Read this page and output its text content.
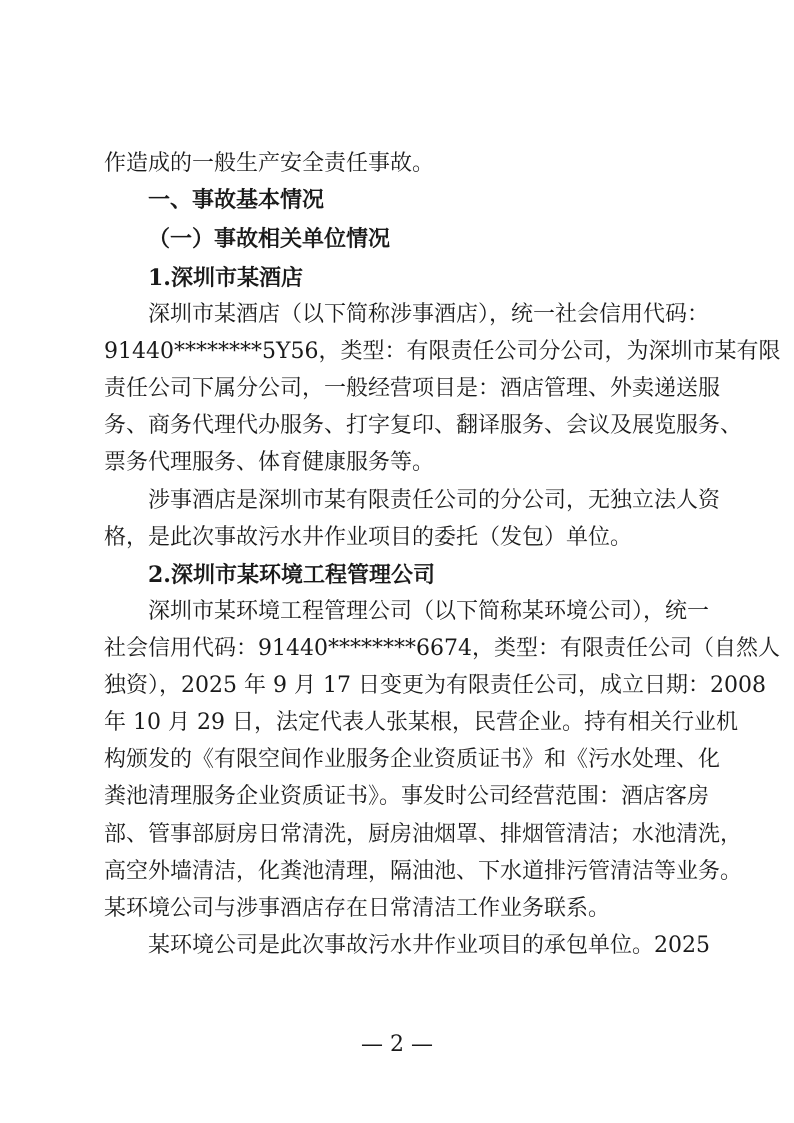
作造成的一般生产安全责任事故。
一、事故基本情况
（一）事故相关单位情况
1.深圳市某酒店
深圳市某酒店（以下简称涉事酒店），统一社会信用代码：
91440********5Y56，类型：有限责任公司分公司，为深圳市某有限
责任公司下属分公司，一般经营项目是：酒店管理、外卖递送服
务、商务代理代办服务、打字复印、翻译服务、会议及展览服务、
票务代理服务、体育健康服务等。
涉事酒店是深圳市某有限责任公司的分公司，无独立法人资
格，是此次事故污水井作业项目的委托（发包）单位。
2.深圳市某环境工程管理公司
深圳市某环境工程管理公司（以下简称某环境公司），统一
社会信用代码：91440********6674，类型：有限责任公司（自然人
独资），2025 年 9 月 17 日变更为有限责任公司，成立日期：2008
年 10 月 29 日，法定代表人张某根，民营企业。持有相关行业机
构颁发的《有限空间作业服务企业资质证书》和《污水处理、化
粪池清理服务企业资质证书》。事发时公司经营范围：酒店客房
部、管事部厨房日常清洗，厨房油烟罩、排烟管清洁；水池清洗，
高空外墙清洁，化粪池清理，隔油池、下水道排污管清洁等业务。
某环境公司与涉事酒店存在日常清洁工作业务联系。
某环境公司是此次事故污水井作业项目的承包单位。2025
— 2 —
